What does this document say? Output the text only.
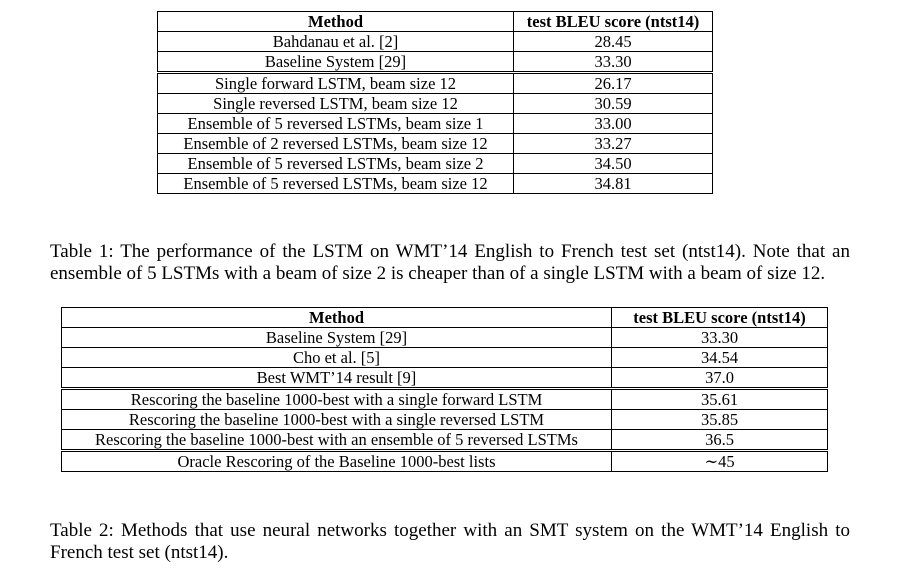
Method	test BLEU score (ntst14)
Bahdanau et al. [2]	28.45
Baseline System [29]	33.30
Single forward LSTM, beam size 12	26.17
Single reversed LSTM, beam size 12	30.59
Ensemble of 5 reversed LSTMs, beam size 1	33.00
Ensemble of 2 reversed LSTMs, beam size 12	33.27
Ensemble of 5 reversed LSTMs, beam size 2	34.50
Ensemble of 5 reversed LSTMs, beam size 12	34.81

Table 1: The performance of the LSTM on WMT’14 English to French test set (ntst14). Note that an ensemble of 5 LSTMs with a beam of size 2 is cheaper than of a single LSTM with a beam of size 12.

Method	test BLEU score (ntst14)
Baseline System [29]	33.30
Cho et al. [5]	34.54
Best WMT’14 result [9]	37.0
Rescoring the baseline 1000-best with a single forward LSTM	35.61
Rescoring the baseline 1000-best with a single reversed LSTM	35.85
Rescoring the baseline 1000-best with an ensemble of 5 reversed LSTMs	36.5
Oracle Rescoring of the Baseline 1000-best lists	∼45

Table 2: Methods that use neural networks together with an SMT system on the WMT’14 English to French test set (ntst14).
